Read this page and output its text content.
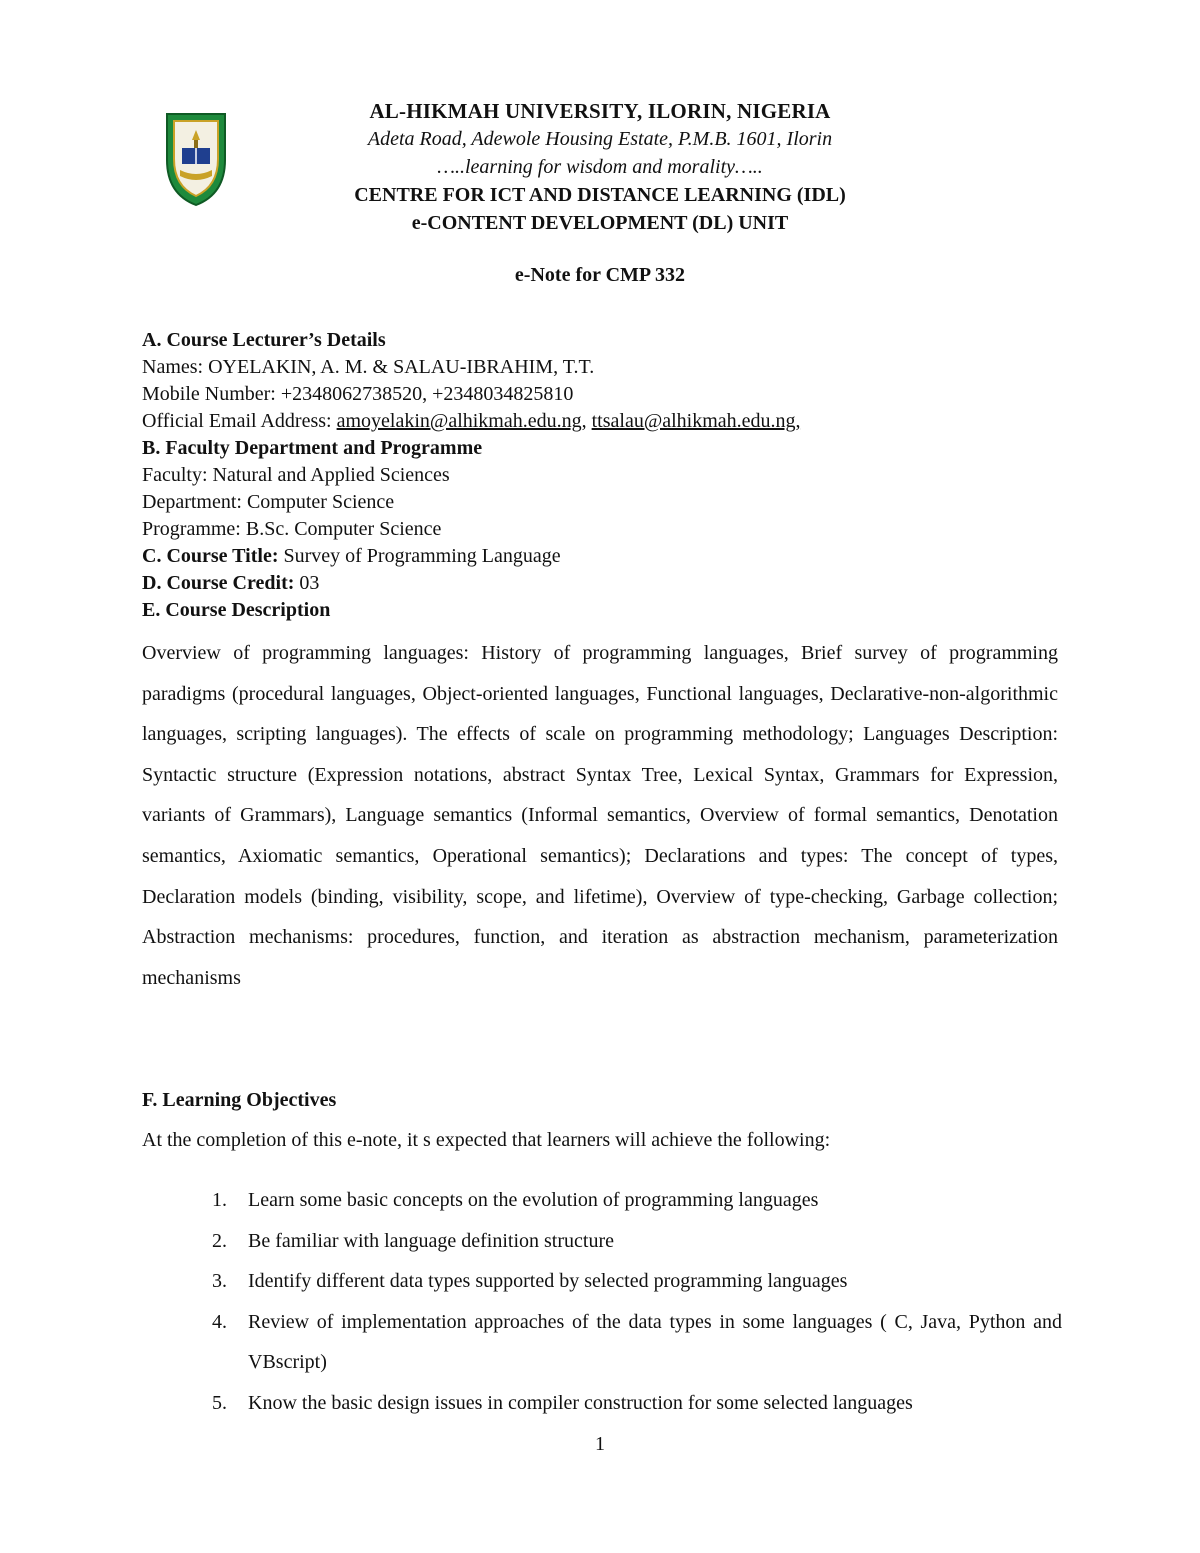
AL-HIKMAH UNIVERSITY, ILORIN, NIGERIA
Adeta Road, Adewole Housing Estate, P.M.B. 1601, Ilorin
…..learning for wisdom and morality…..
CENTRE FOR ICT AND DISTANCE LEARNING (IDL)
e-CONTENT DEVELOPMENT (DL) UNIT
e-Note for CMP 332
A. Course Lecturer’s Details
Names: OYELAKIN, A. M. & SALAU-IBRAHIM, T.T.
Mobile Number: +2348062738520, +2348034825810
Official Email Address: amoyelakin@alhikmah.edu.ng, ttsalau@alhikmah.edu.ng,
B. Faculty Department and Programme
Faculty: Natural and Applied Sciences
Department: Computer Science
Programme: B.Sc. Computer Science
C. Course Title: Survey of Programming Language
D. Course Credit: 03
E. Course Description
Overview of programming languages: History of programming languages, Brief survey of programming paradigms (procedural languages, Object-oriented languages, Functional languages, Declarative-non-algorithmic languages, scripting languages). The effects of scale on programming methodology; Languages Description: Syntactic structure (Expression notations, abstract Syntax Tree, Lexical Syntax, Grammars for Expression, variants of Grammars), Language semantics (Informal semantics, Overview of formal semantics, Denotation semantics, Axiomatic semantics, Operational semantics); Declarations and types: The concept of types, Declaration models (binding, visibility, scope, and lifetime), Overview of type-checking, Garbage collection; Abstraction mechanisms: procedures, function, and iteration as abstraction mechanism, parameterization mechanisms
F. Learning Objectives
At the completion of this e-note, it s expected that learners will achieve the following:
1. Learn some basic concepts on the evolution of programming languages
2. Be familiar with language definition structure
3. Identify different data types supported by selected programming languages
4. Review of implementation approaches of the data types in some languages ( C, Java, Python and VBscript)
5. Know the basic design issues in compiler construction for some selected languages
1
